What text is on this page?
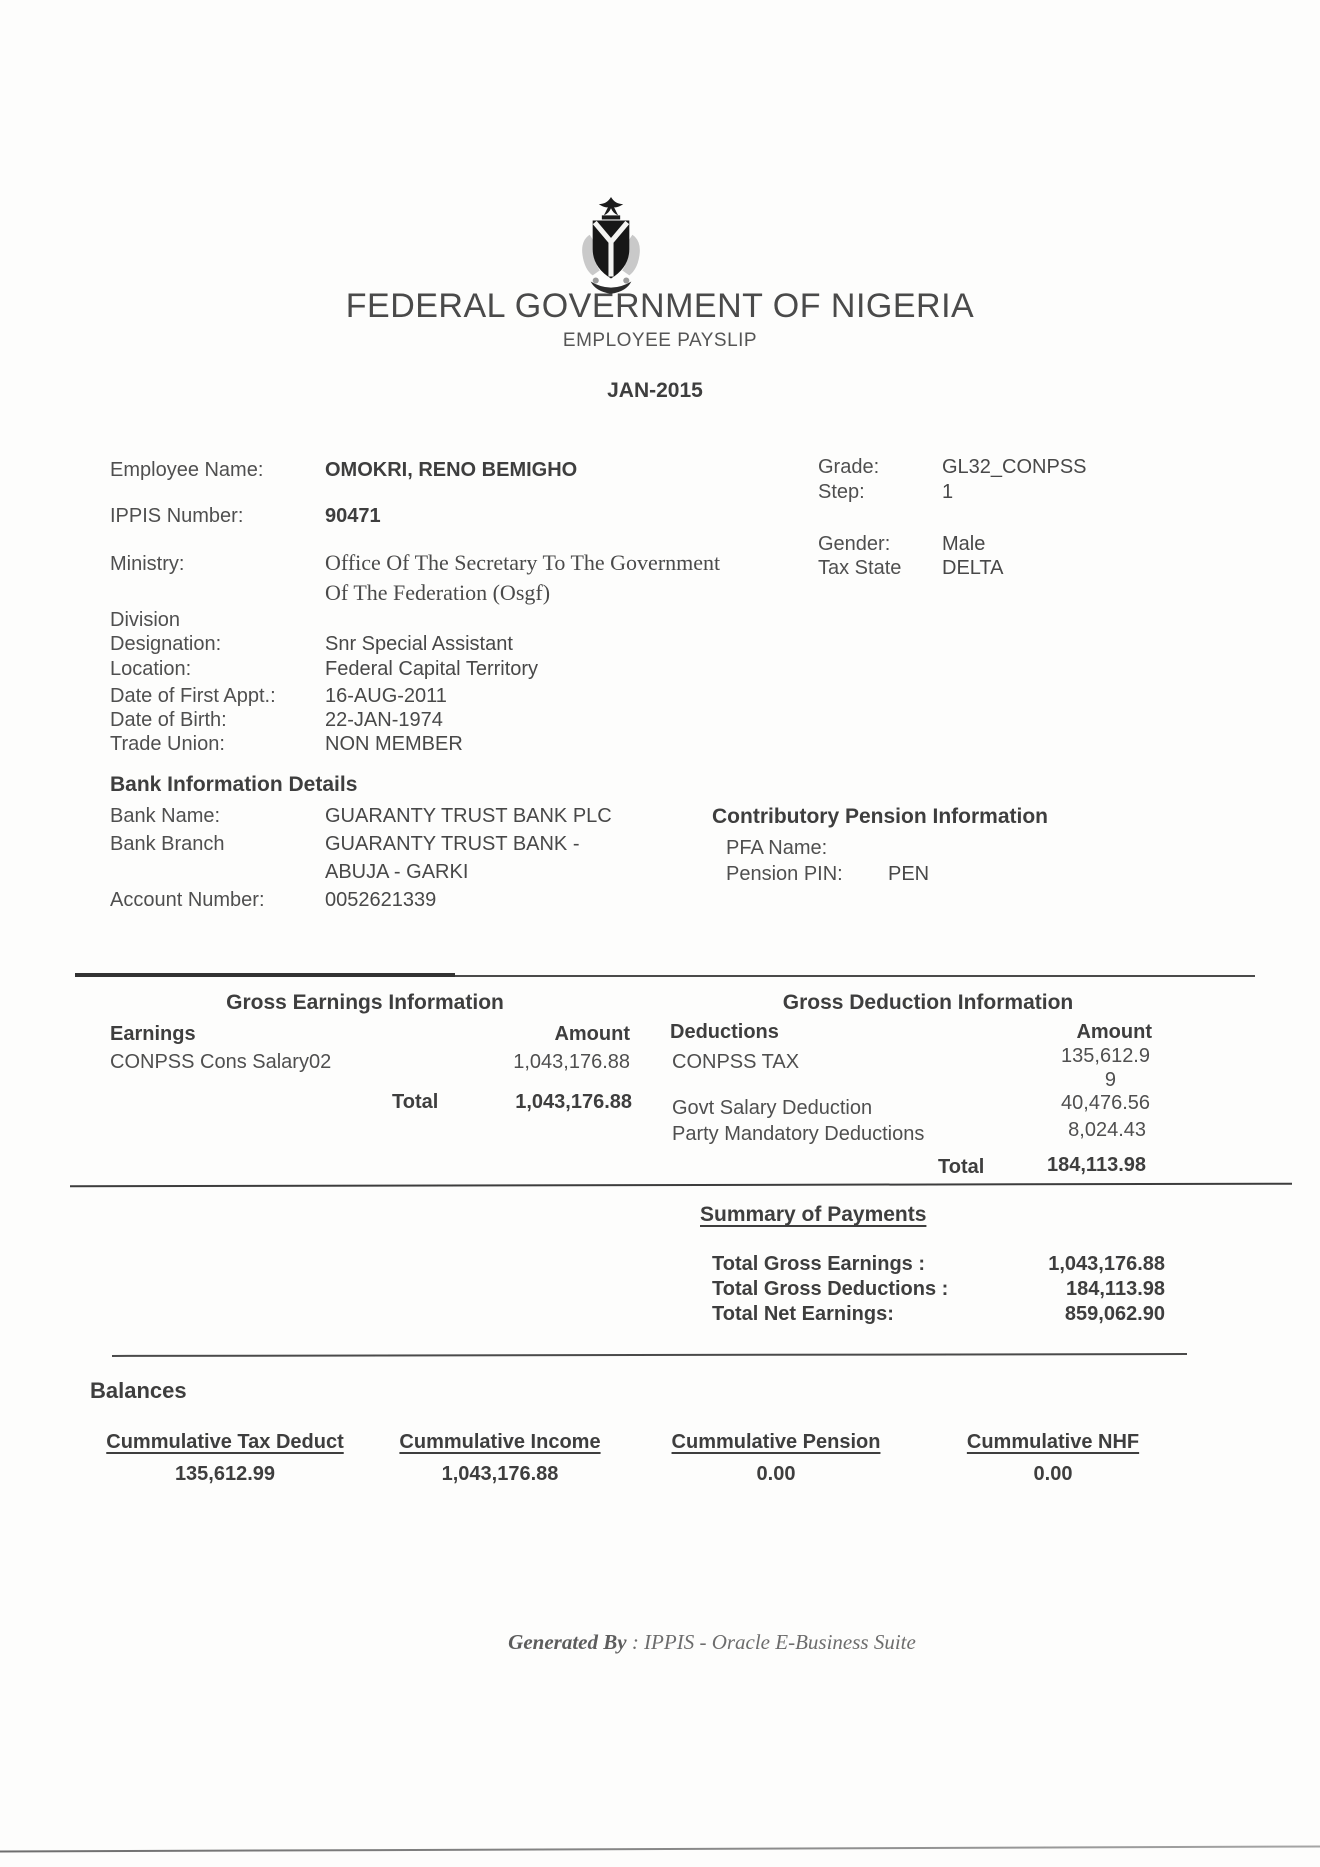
FEDERAL GOVERNMENT OF NIGERIA
EMPLOYEE PAYSLIP
JAN-2015
Employee Name:	OMOKRI, RENO BEMIGHO
IPPIS Number:	90471
Ministry:	Office Of The Secretary To The Government Of The Federation (Osgf)
Division
Designation:	Snr Special Assistant
Location:	Federal Capital Territory
Date of First Appt.: 16-AUG-2011
Date of Birth:	22-JAN-1974
Trade Union:	NON MEMBER
Grade:	GL32_CONPSS
Step:	1
Gender:	Male
Tax State DELTA
Bank Information Details
Bank Name:	GUARANTY TRUST BANK PLC
Bank Branch	GUARANTY TRUST BANK -
ABUJA - GARKI
Account Number:	0052621339
Contributory Pension Information
PFA Name:
Pension PIN: PEN
Gross Earnings Information
Earnings	Amount
CONPSS Cons Salary02	1,043,176.88
Total	1,043,176.88
Gross Deduction Information
Deductions	Amount
CONPSS TAX	135,612.9
9
Govt Salary Deduction	40,476.56
Party Mandatory Deductions	8,024.43
Total	184,113.98
Summary of Payments
Total Gross Earnings :	1,043,176.88
Total Gross Deductions :	184,113.98
Total Net Earnings:	859,062.90
Balances
Cummulative Tax Deduct
135,612.99
Cummulative Income
1,043,176.88
Cummulative Pension
0.00
Cummulative NHF
0.00
Generated By : IPPIS - Oracle E-Business Suite
